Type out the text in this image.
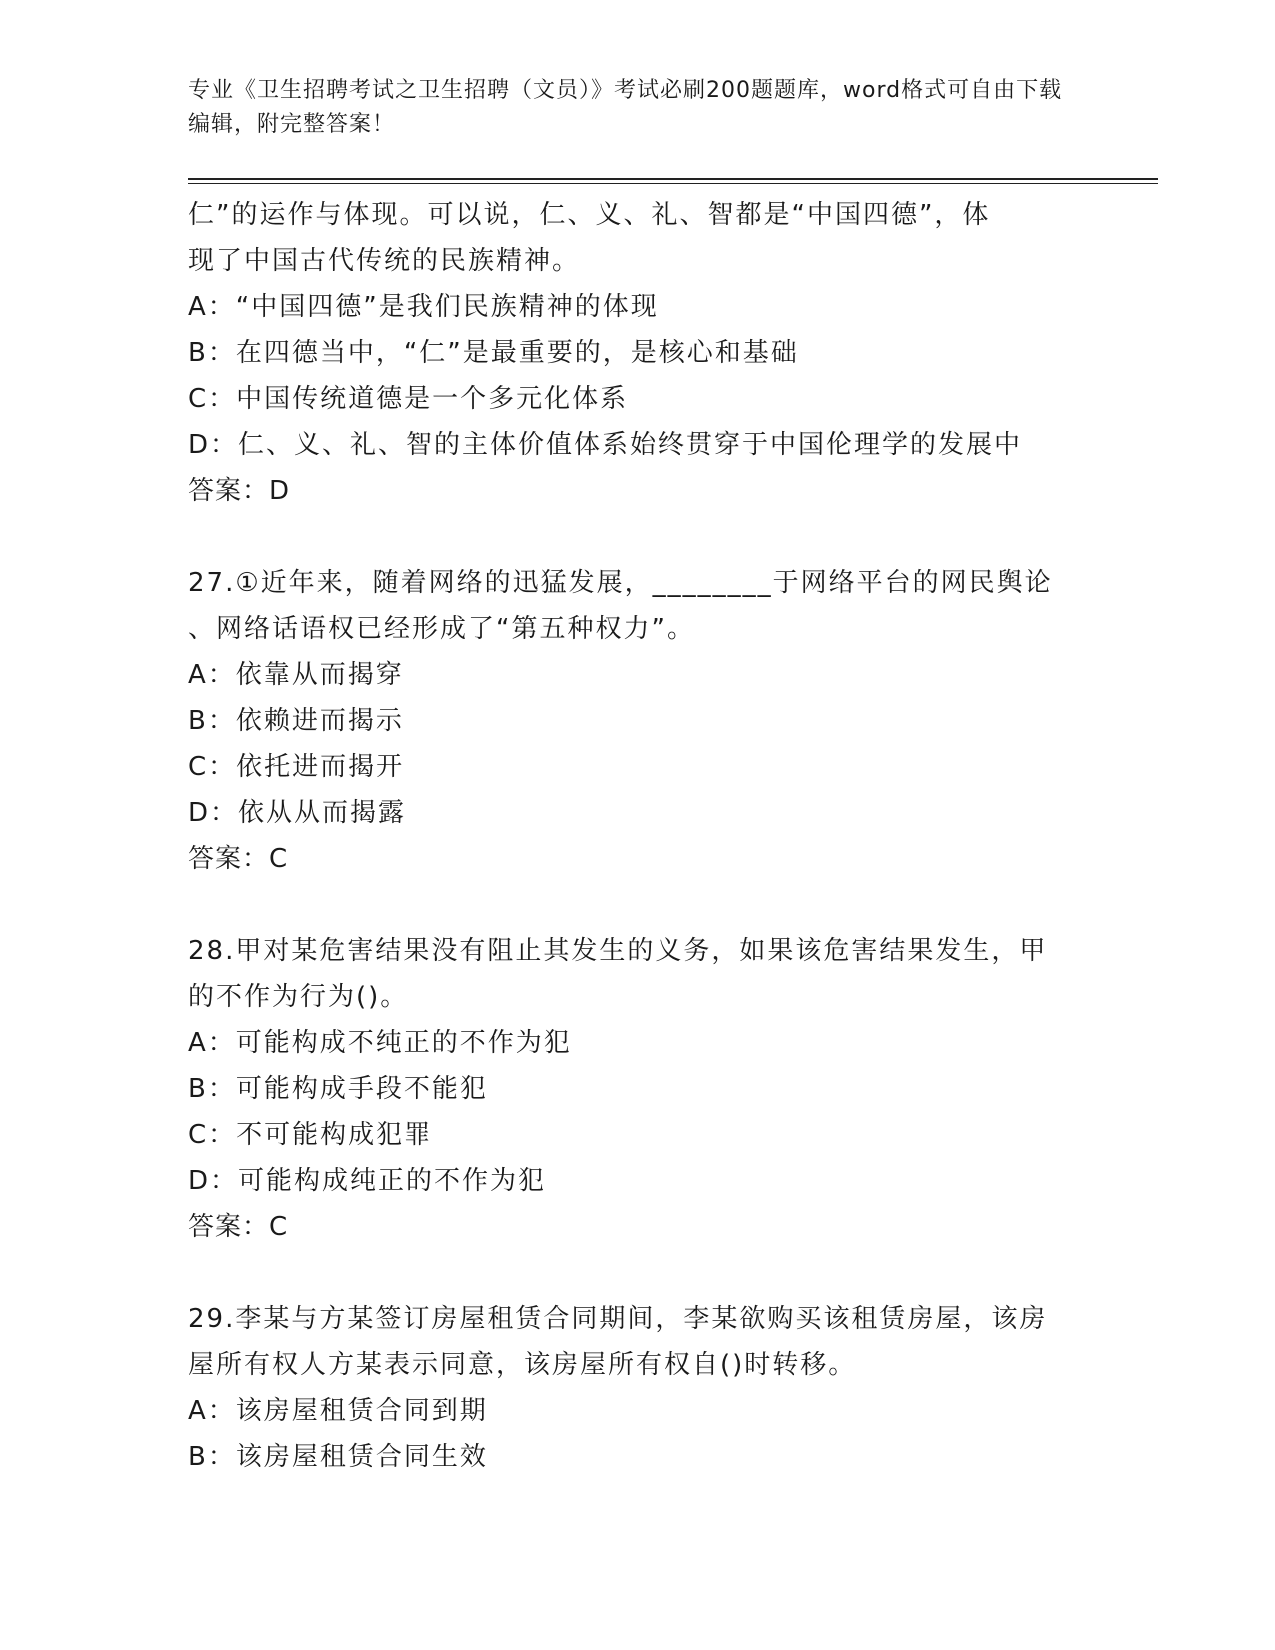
专业《卫生招聘考试之卫生招聘（文员）》考试必刷200题题库，word格式可自由下载编辑，附完整答案！
仁”的运作与体现。可以说，仁、义、礼、智都是“中国四德”，体
现了中国古代传统的民族精神。
A：“中国四德”是我们民族精神的体现
B：在四德当中，“仁”是最重要的，是核心和基础
C：中国传统道德是一个多元化体系
D：仁、义、礼、智的主体价值体系始终贯穿于中国伦理学的发展中
答案：D
27.①近年来，随着网络的迅猛发展，________于网络平台的网民舆论
、网络话语权已经形成了“第五种权力”。
A：依靠从而揭穿
B：依赖进而揭示
C：依托进而揭开
D：依从从而揭露
答案：C
28.甲对某危害结果没有阻止其发生的义务，如果该危害结果发生，甲
的不作为行为()。
A：可能构成不纯正的不作为犯
B：可能构成手段不能犯
C：不可能构成犯罪
D：可能构成纯正的不作为犯
答案：C
29.李某与方某签订房屋租赁合同期间，李某欲购买该租赁房屋，该房
屋所有权人方某表示同意，该房屋所有权自()时转移。
A：该房屋租赁合同到期
B：该房屋租赁合同生效
